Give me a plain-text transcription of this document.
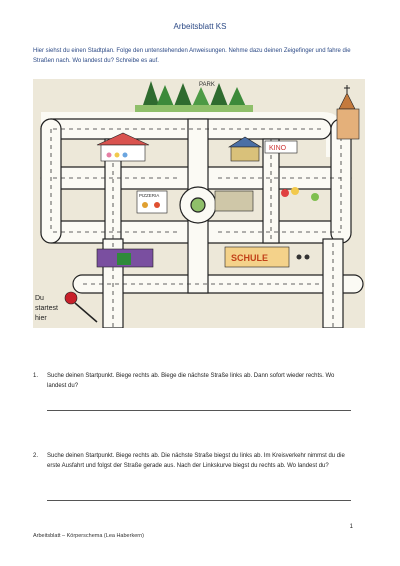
Arbeitsblatt KS
Hier siehst du einen Stadtplan. Folge den untenstehenden Anweisungen. Nehme dazu deinen Zeigefinger und fahre die Straßen nach. Wo landest du? Schreibe es auf.
PARK
KINO
PIZZERIA
SCHULE
Du
startest
hier
1. Suche deinen Startpunkt. Biege rechts ab. Biege die nächste Straße links ab. Dann sofort wieder rechts. Wo landest du?
2. Suche deinen Startpunkt. Biege rechts ab. Die nächste Straße biegst du links ab. Im Kreisverkehr nimmst du die erste Ausfahrt und folgst der Straße gerade aus. Nach der Linkskurve biegst du rechts ab. Wo landest du?
1
Arbeitsblatt – Körperschema (Lea Haberkern)
